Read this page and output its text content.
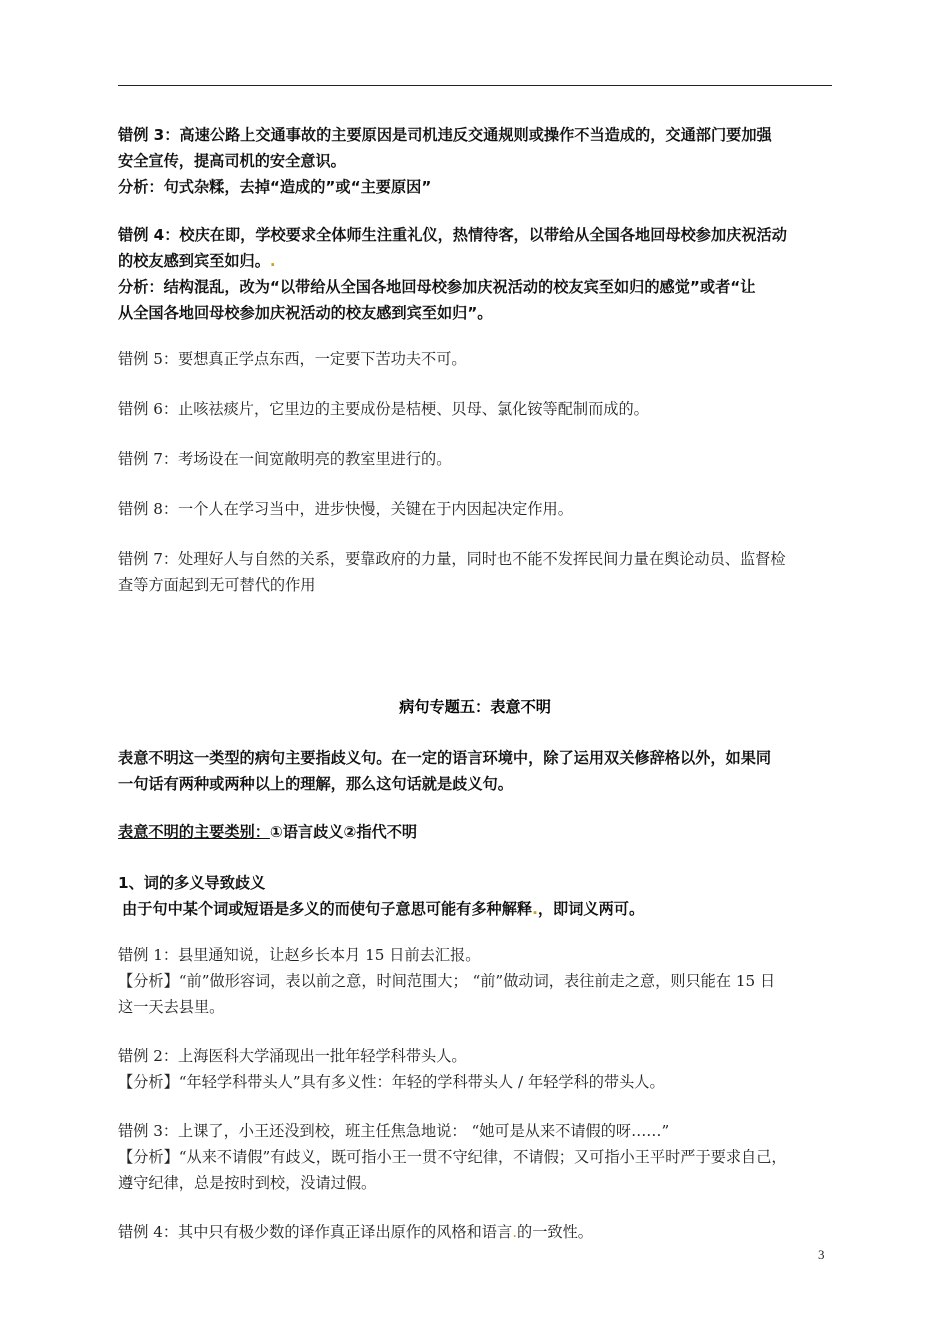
错例 3：高速公路上交通事故的主要原因是司机违反交通规则或操作不当造成的，交通部门要加强

安全宣传，提高司机的安全意识。

分析：句式杂糅，去掉“造成的”或“主要原因”

错例 4：校庆在即，学校要求全体师生注重礼仪，热情待客，以带给从全国各地回母校参加庆祝活动

的校友感到宾至如归。.

分析：结构混乱，改为“以带给从全国各地回母校参加庆祝活动的校友宾至如归的感觉”或者“让

从全国各地回母校参加庆祝活动的校友感到宾至如归”。

错例 5：要想真正学点东西，一定要下苦功夫不可。
错例 6：止咳祛痰片，它里边的主要成份是桔梗、贝母、氯化铵等配制而成的。
错例 7：考场设在一间宽敞明亮的教室里进行的。
错例 8：一个人在学习当中，进步快慢，关键在于内因起决定作用。

错例 7：处理好人与自然的关系，要靠政府的力量，同时也不能不发挥民间力量在舆论动员、监督检

查等方面起到无可替代的作用

病句专题五：表意不明

表意不明这一类型的病句主要指歧义句。在一定的语言环境中，除了运用双关修辞格以外，如果同

一句话有两种或两种以上的理解，那么这句话就是歧义句。

表意不明的主要类别：①语言歧义②指代不明

1、词的多义导致歧义

由于句中某个词或短语是多义的而使句子意思可能有多种解释.，即词义两可。

错例 1：县里通知说，让赵乡长本月 15 日前去汇报。

【分析】“前”做形容词，表以前之意，时间范围大； “前”做动词，表往前走之意，则只能在 15 日

这一天去县里。

错例 2：上海医科大学涌现出一批年轻学科带头人。

【分析】“年轻学科带头人”具有多义性：年轻的学科带头人 / 年轻学科的带头人。

错例 3：上课了，小王还没到校，班主任焦急地说： “她可是从来不请假的呀……”

【分析】“从来不请假”有歧义，既可指小王一贯不守纪律，不请假；又可指小王平时严于要求自己，

遵守纪律，总是按时到校，没请过假。

错例 4：其中只有极少数的译作真正译出原作的风格和语言.的一致性。

3
